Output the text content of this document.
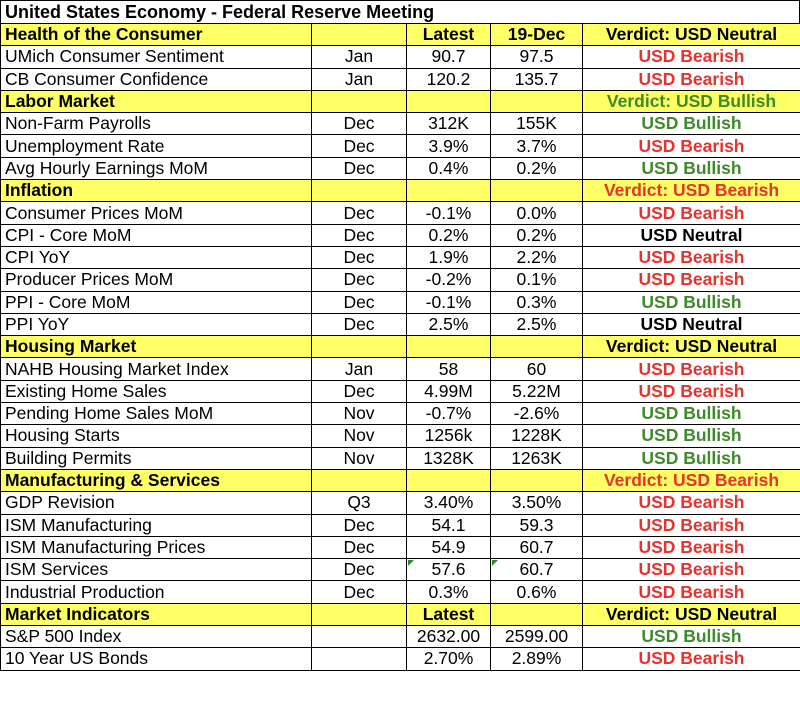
United States Economy - Federal Reserve Meeting
Health of the Consumer		Latest	19-Dec	Verdict: USD Neutral
UMich Consumer Sentiment	Jan	90.7	97.5	USD Bearish
CB Consumer Confidence	Jan	120.2	135.7	USD Bearish
Labor Market				Verdict: USD Bullish
Non-Farm Payrolls	Dec	312K	155K	USD Bullish
Unemployment Rate	Dec	3.9%	3.7%	USD Bearish
Avg Hourly Earnings MoM	Dec	0.4%	0.2%	USD Bullish
Inflation				Verdict: USD Bearish
Consumer Prices MoM	Dec	-0.1%	0.0%	USD Bearish
CPI - Core MoM	Dec	0.2%	0.2%	USD Neutral
CPI YoY	Dec	1.9%	2.2%	USD Bearish
Producer Prices MoM	Dec	-0.2%	0.1%	USD Bearish
PPI - Core MoM	Dec	-0.1%	0.3%	USD Bullish
PPI YoY	Dec	2.5%	2.5%	USD Neutral
Housing Market				Verdict: USD Neutral
NAHB Housing Market Index	Jan	58	60	USD Bearish
Existing Home Sales	Dec	4.99M	5.22M	USD Bearish
Pending Home Sales MoM	Nov	-0.7%	-2.6%	USD Bullish
Housing Starts	Nov	1256k	1228K	USD Bullish
Building Permits	Nov	1328K	1263K	USD Bullish
Manufacturing & Services				Verdict: USD Bearish
GDP Revision	Q3	3.40%	3.50%	USD Bearish
ISM Manufacturing	Dec	54.1	59.3	USD Bearish
ISM Manufacturing Prices	Dec	54.9	60.7	USD Bearish
ISM Services	Dec	57.6	60.7	USD Bearish
Industrial Production	Dec	0.3%	0.6%	USD Bearish
Market Indicators		Latest		Verdict: USD Neutral
S&P 500 Index		2632.00	2599.00	USD Bullish
10 Year US Bonds		2.70%	2.89%	USD Bearish
